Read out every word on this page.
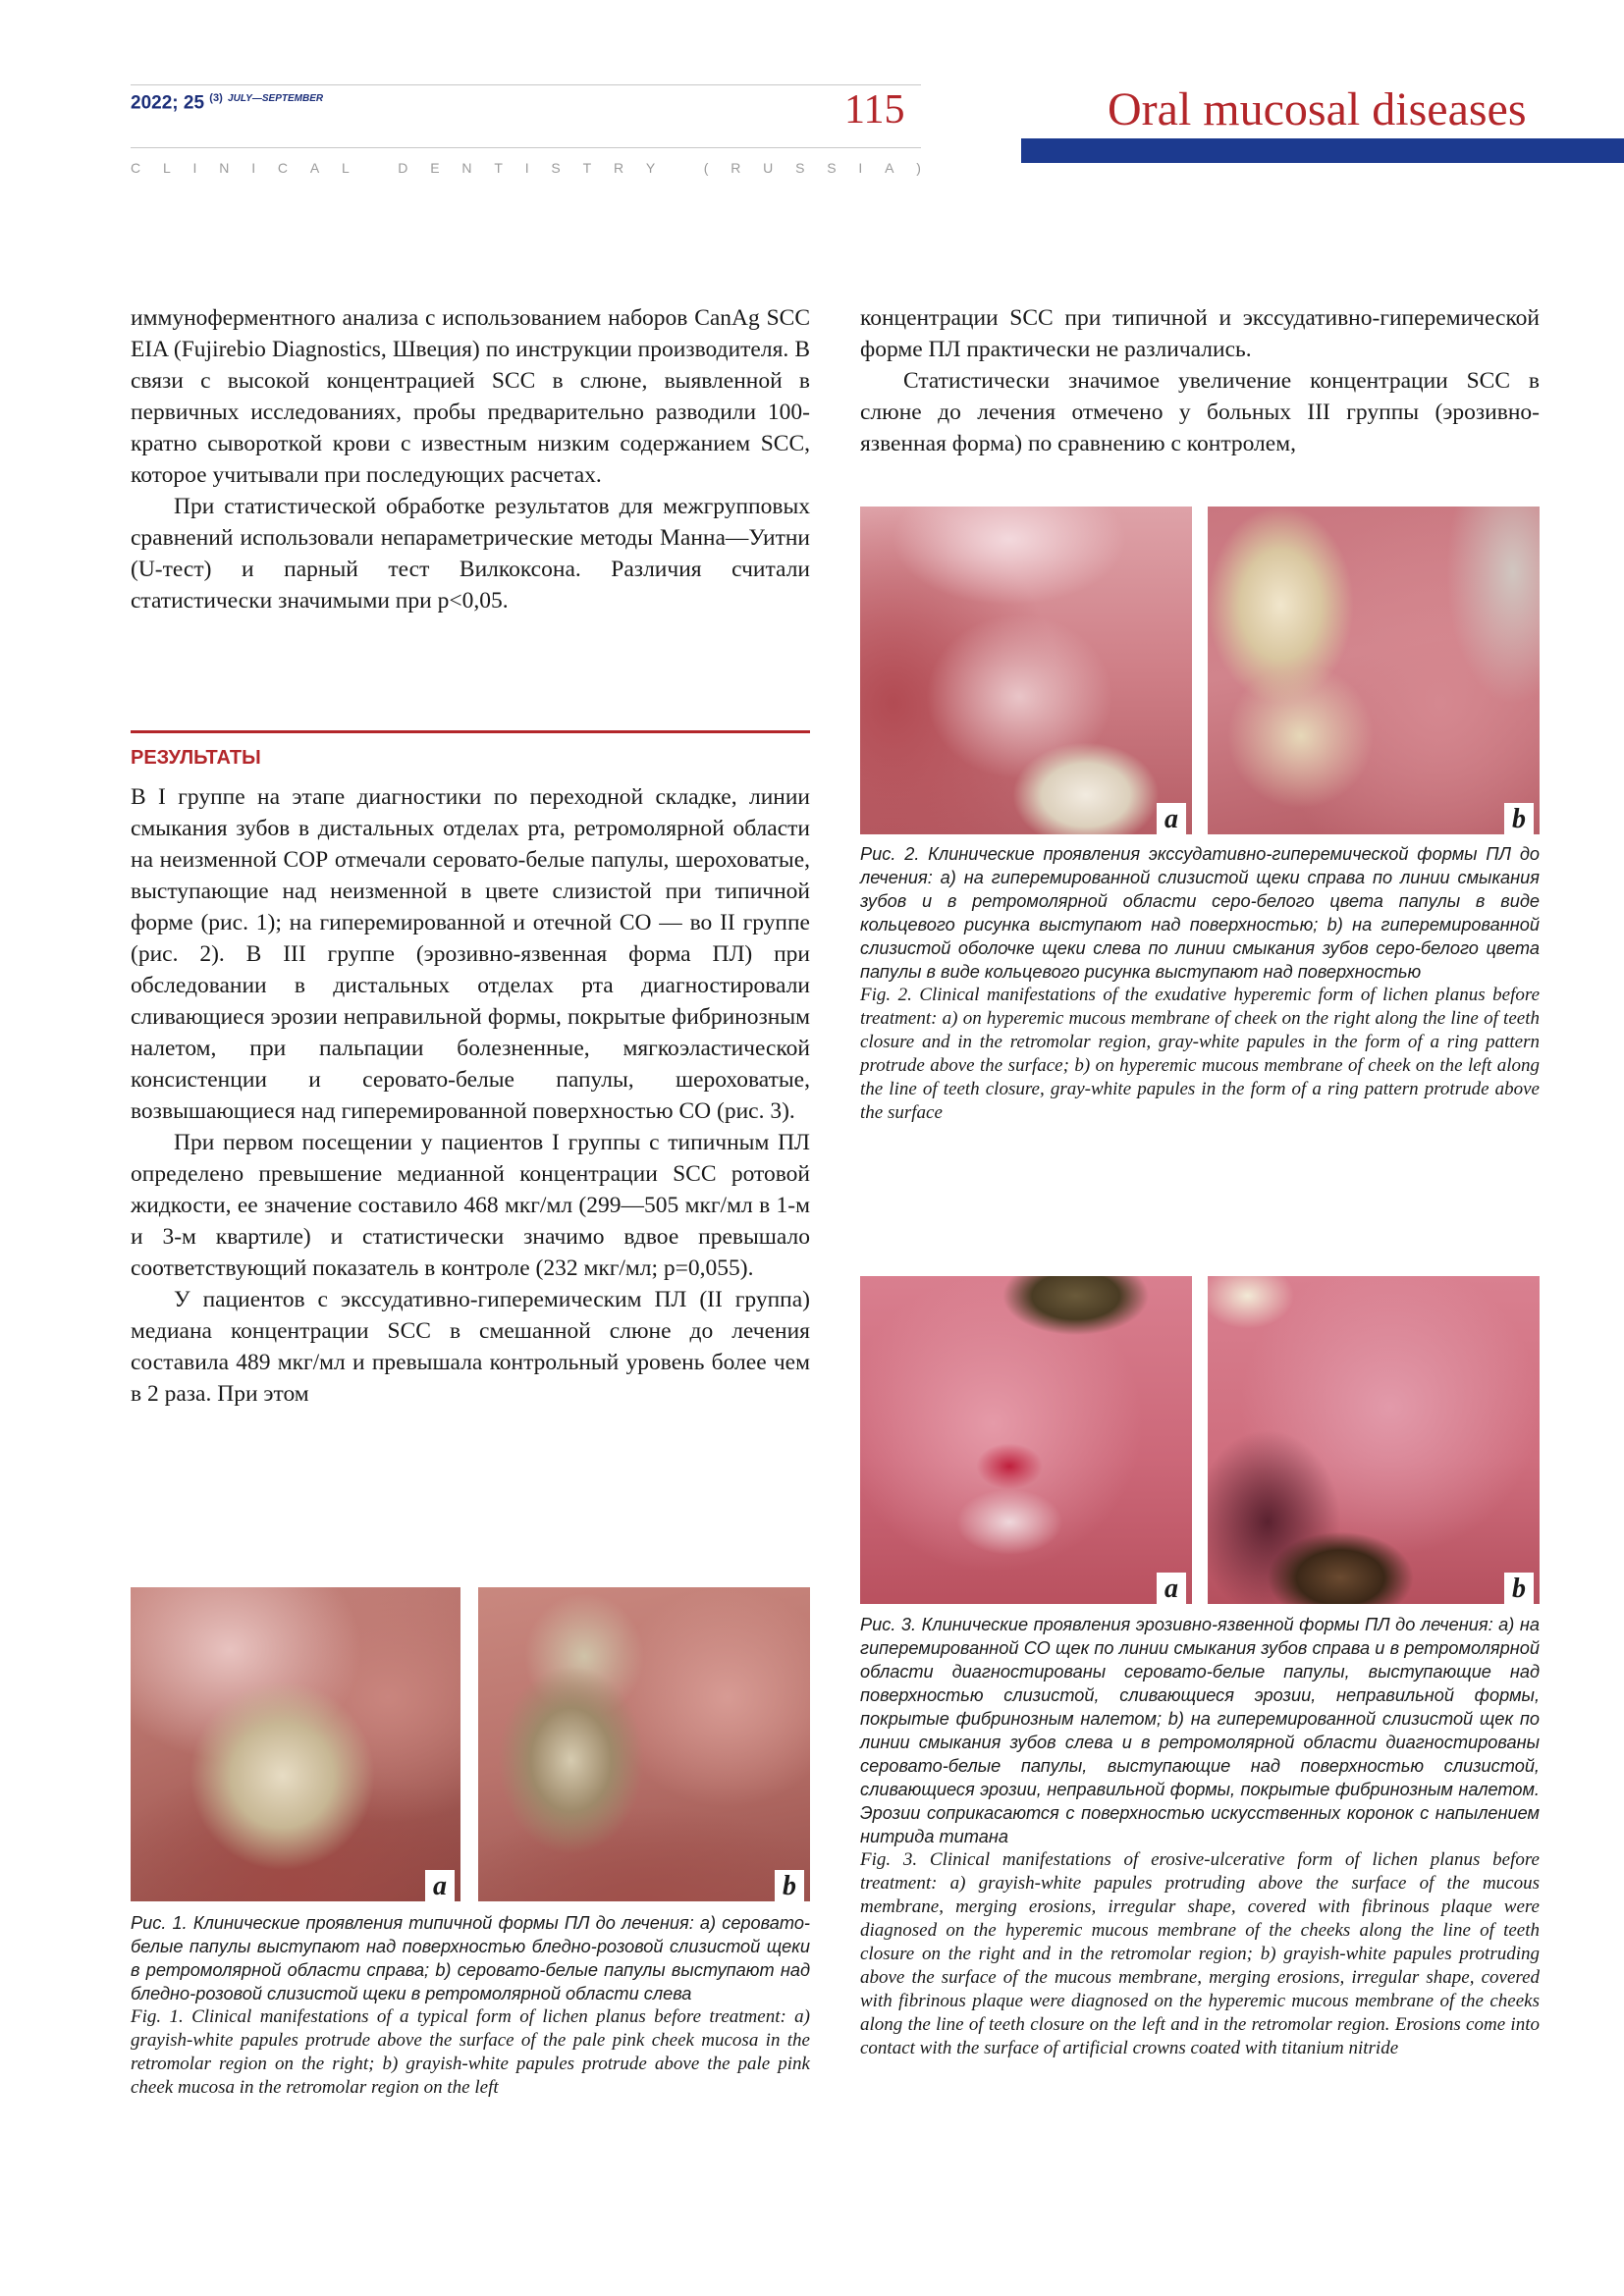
2022; 25 $^{(3)}$ $^{JULY—SEPTEMBER}$	115
C L I N I C A L
	D E N T I S T R Y
	( R U S S I A )
Oral mucosal diseases

иммуноферментного анализа с использованием наборов CanAg SCC EIA (Fujirebio Diagnostics, Швеция) по инструкции производителя. В связи с высокой концентрацией SCC в слюне, выявленной в первичных исследованиях, пробы предварительно разводили 100-кратно сывороткой крови с известным низким содержанием SCC, которое учитывали при последующих расчетах.

При статистической обработке результатов для межгрупповых сравнений использовали непараметрические методы Манна—Уитни (U-тест) и парный тест Вилкоксона. Различия считали статистически значимыми при p<0,05.

РЕЗУЛЬТАТЫ

В I группе на этапе диагностики по переходной складке, линии смыкания зубов в дистальных отделах рта, ретромолярной области на неизменной СОР отмечали серовато-белые папулы, шероховатые, выступающие над неизменной в цвете слизистой при типичной форме (рис. 1); на гиперемированной и отечной СО — во II группе (рис. 2). В III группе (эрозивно-язвенная форма ПЛ) при обследовании в дистальных отделах рта диагностировали сливающиеся эрозии неправильной формы, покрытые фибринозным налетом, при пальпации болезненные, мягкоэластической консистенции и серовато-белые папулы, шероховатые, возвышающиеся над гиперемированной поверхностью СО (рис. 3).

При первом посещении у пациентов I группы с типичным ПЛ определено превышение медианной концентрации SCC ротовой жидкости, ее значение составило 468 мкг/мл (299—505 мкг/мл в 1-м и 3-м квартиле) и статистически значимо вдвое превышало соответствующий показатель в контроле (232 мкг/мл; p=0,055).

У пациентов с экссудативно-гиперемическим ПЛ (II группа) медиана концентрации SCC в смешанной слюне до лечения составила 489 мкг/мл и превышала контрольный уровень более чем в 2 раза. При этом

концентрации SCC при типичной и экссудативно-гиперемической форме ПЛ практически не различались.

Статистически значимое увеличение концентрации SCC в слюне до лечения отмечено у больных III группы (эрозивно-язвенная форма) по сравнению с контролем,

a	b

Рис. 1. Клинические проявления типичной формы ПЛ до лечения: а) серовато-белые папулы выступают над поверхностью бледно-розовой слизистой щеки в ретромолярной области справа; b) серовато-белые папулы выступают над бледно-розовой слизистой щеки в ретромолярной области слева

Fig. 1. Clinical manifestations of a typical form of lichen planus before treatment: a) grayish-white papules protrude above the surface of the pale pink cheek mucosa in the retromolar region on the right; b) grayish-white papules protrude above the pale pink cheek mucosa in the retromolar region on the left

a	b

Рис. 2. Клинические проявления экссудативно-гиперемической формы ПЛ до лечения: а) на гиперемированной слизистой щеки справа по линии смыкания зубов и в ретромолярной области серо-белого цвета папулы в виде кольцевого рисунка выступают над поверхностью; b) на гиперемированной слизистой оболочке щеки слева по линии смыкания зубов серо-белого цвета папулы в виде кольцевого рисунка выступают над поверхностью

Fig. 2. Clinical manifestations of the exudative hyperemic form of lichen planus before treatment: a) on hyperemic mucous membrane of cheek on the right along the line of teeth closure and in the retromolar region, gray-white papules in the form of a ring pattern protrude above the surface; b) on hyperemic mucous membrane of cheek on the left along the line of teeth closure, gray-white papules in the form of a ring pattern protrude above the surface

a	b

Рис. 3. Клинические проявления эрозивно-язвенной формы ПЛ до лечения: а) на гиперемированной СО щек по линии смыкания зубов справа и в ретромолярной области диагностированы серовато-белые папулы, выступающие над поверхностью слизистой, сливающиеся эрозии, неправильной формы, покрытые фибринозным налетом; b) на гиперемированной слизистой щек по линии смыкания зубов слева и в ретромолярной области диагностированы серовато-белые папулы, выступающие над поверхностью слизистой, сливающиеся эрозии, неправильной формы, покрытые фибринозным налетом. Эрозии соприкасаются с поверхностью искусственных коронок с напылением нитрида титана

Fig. 3. Clinical manifestations of erosive-ulcerative form of lichen planus before treatment: a) grayish-white papules protruding above the surface of the mucous membrane, merging erosions, irregular shape, covered with fibrinous plaque were diagnosed on the hyperemic mucous membrane of the cheeks along the line of teeth closure on the right and in the retromolar region; b) grayish-white papules protruding above the surface of the mucous membrane, merging erosions, irregular shape, covered with fibrinous plaque were diagnosed on the hyperemic mucous membrane of the cheeks along the line of teeth closure on the left and in the retromolar region. Erosions come into contact with the surface of artificial crowns coated with titanium nitride
